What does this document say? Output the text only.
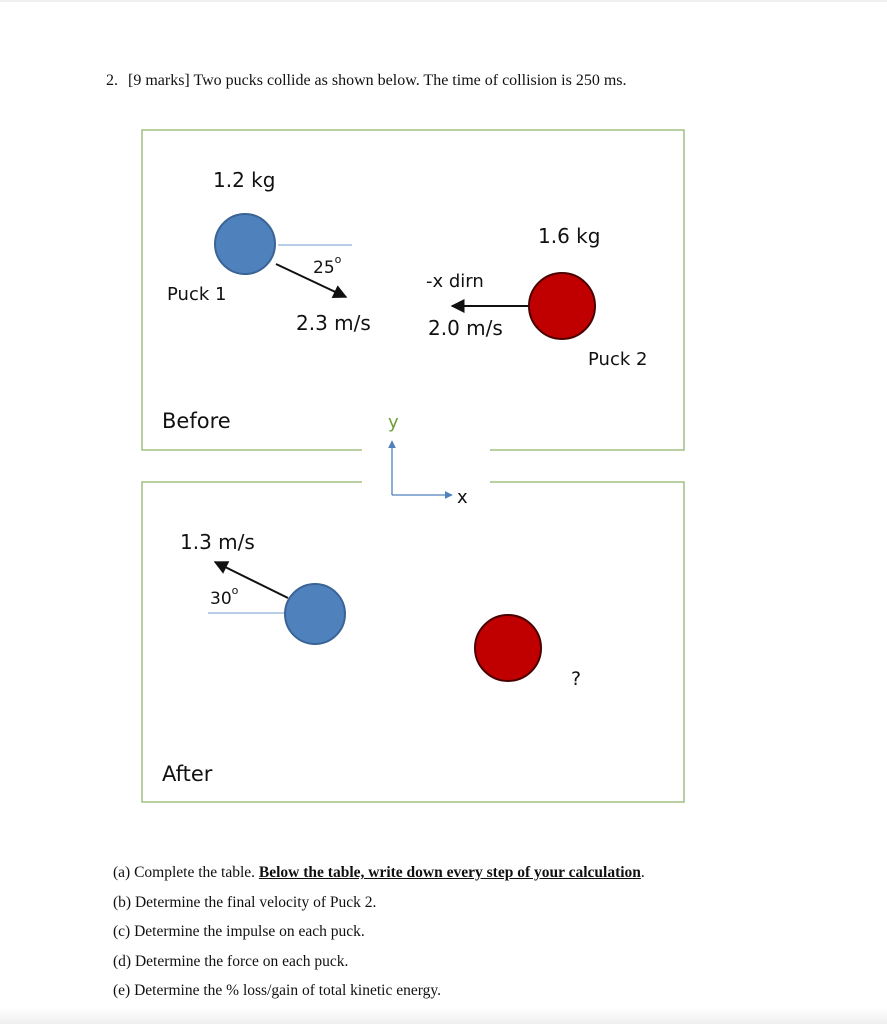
2. [9 marks] Two pucks collide as shown below. The time of collision is 250 ms.
1.2 kg
25$^o$
Puck 1
2.3 m/s
1.6 kg
-x dirn
2.0 m/s
Puck 2
Before	y
x
1.3 m/s
30$^o$
?
After
(a) Complete the table. Below the table, write down every step of your calculation.
(b) Determine the final velocity of Puck 2.
(c) Determine the impulse on each puck.
(d) Determine the force on each puck.
(e) Determine the % loss/gain of total kinetic energy.
